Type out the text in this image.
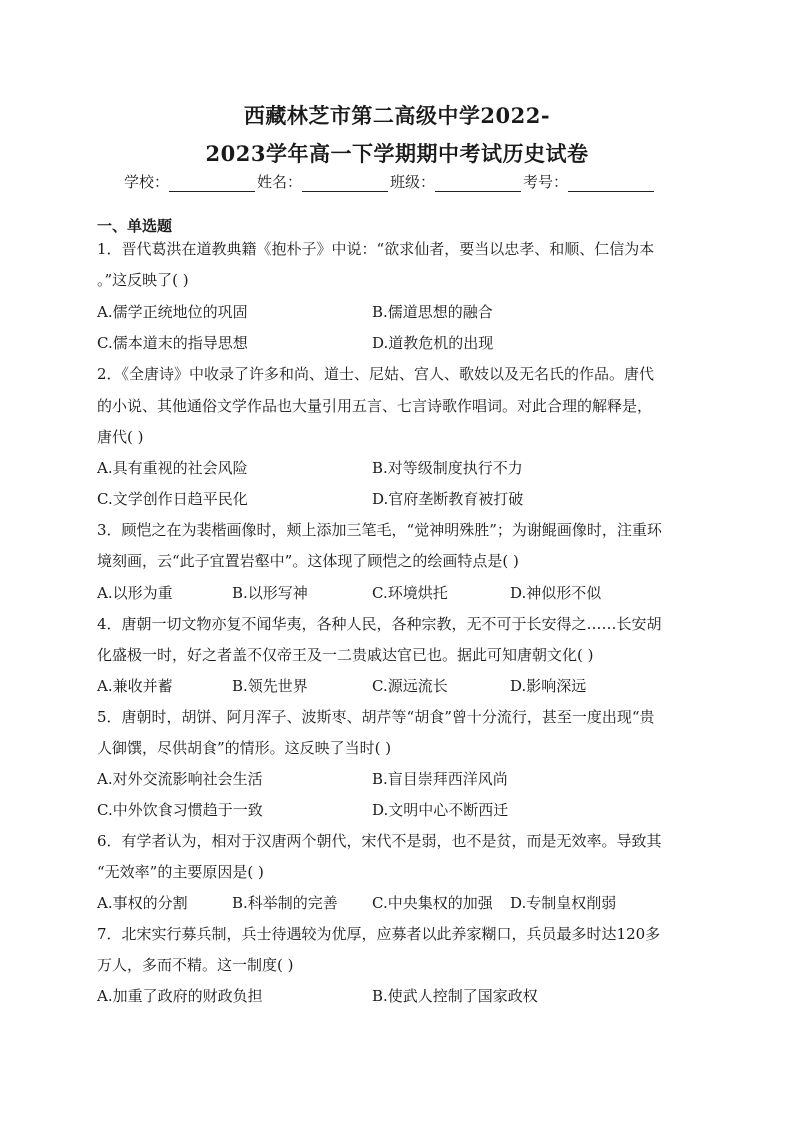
西藏林芝市第二高级中学2022-
2023学年高一下学期期中考试历史试卷
学校：	姓名：	班级：	考号：
一、单选题
1．晋代葛洪在道教典籍《抱朴子》中说：“欲求仙者，要当以忠孝、和顺、仁信为本
。”这反映了( )
A.儒学正统地位的巩固	B.儒道思想的融合
C.儒本道末的指导思想	D.道教危机的出现
2．《全唐诗》中收录了许多和尚、道士、尼姑、宫人、歌妓以及无名氏的作品。唐代
的小说、其他通俗文学作品也大量引用五言、七言诗歌作唱词。对此合理的解释是，
唐代( )
A.具有重视的社会风险	B.对等级制度执行不力
C.文学创作日趋平民化	D.官府垄断教育被打破
3．顾恺之在为裴楷画像时，颊上添加三笔毛，“觉神明殊胜”；为谢鲲画像时，注重环
境刻画，云“此子宜置岩壑中”。这体现了顾恺之的绘画特点是( )
A.以形为重	B.以形写神	C.环境烘托	D.神似形不似
4．唐朝一切文物亦复不闻华夷，各种人民，各种宗教，无不可于长安得之……长安胡
化盛极一时，好之者盖不仅帝王及一二贵戚达官已也。据此可知唐朝文化( )
A.兼收并蓄	B.领先世界	C.源远流长	D.影响深远
5．唐朝时，胡饼、阿月浑子、波斯枣、胡芹等“胡食”曾十分流行，甚至一度出现“贵
人御馔，尽供胡食”的情形。这反映了当时( )
A.对外交流影响社会生活	B.盲目崇拜西洋风尚
C.中外饮食习惯趋于一致	D.文明中心不断西迁
6．有学者认为，相对于汉唐两个朝代，宋代不是弱，也不是贫，而是无效率。导致其
“无效率”的主要原因是( )
A.事权的分割	B.科举制的完善 C.中央集权的加强 D.专制皇权削弱
7．北宋实行募兵制，兵士待遇较为优厚，应募者以此养家糊口，兵员最多时达120多
万人，多而不精。这一制度( )
A.加重了政府的财政负担	B.使武人控制了国家政权
